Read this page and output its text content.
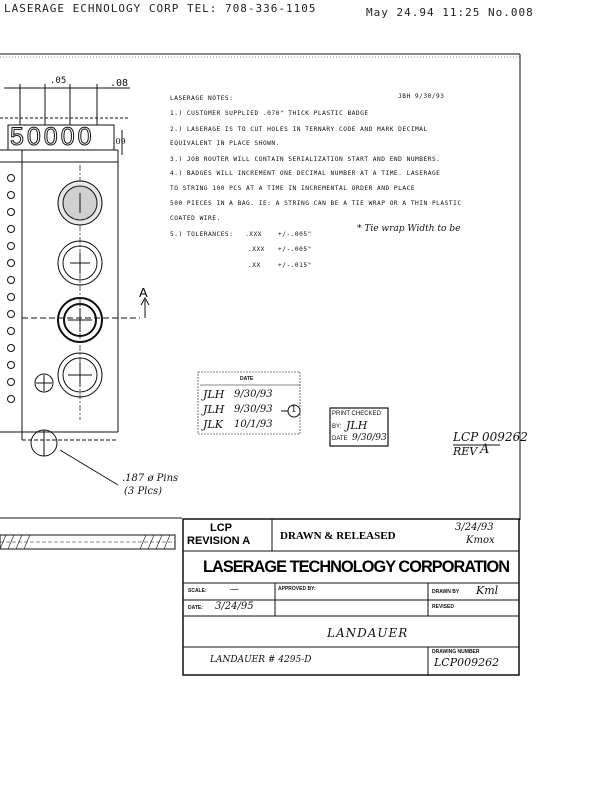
LASERAGE ECHNOLOGY CORP TEL: 708-336-1105	May 24.94 11:25 No.008
.05	.08
.09
50000
A
.187 ø Pins
(3 Plcs)
LASERAGE NOTES:	JBH 9/30/93
1.) CUSTOMER SUPPLIED .070" THICK PLASTIC BADGE
2.) LASERAGE IS TO CUT HOLES IN TERNARY CODE AND MARK DECIMAL
EQUIVALENT IN PLACE SHOWN.
3.) JOB ROUTER WILL CONTAIN SERIALIZATION START AND END NUMBERS.
4.) BADGES WILL INCREMENT ONE DECIMAL NUMBER AT A TIME. LASERAGE
TO STRING 100 PCS AT A TIME IN INCREMENTAL ORDER AND PLACE
500 PIECES IN A BAG. IE: A STRING CAN BE A TIE WRAP OR A THIN PLASTIC
COATED WIRE.
5.) TOLERANCES: .XXX	+/-.005"
.XXX +/-.005"
.XX	+/-.015"
* Tie wrap Width to be
DATE
JLH 9/30/93
JLH 9/30/93
JLK 10/1/93
1	PRINT CHECKED
BY: JLH
DATE 9/30/93	LCP 009262
REV A
LCP
REVISION A	DRAWN & RELEASED
3/24/93
Kmox
LASERAGE TECHNOLOGY CORPORATION
SCALE:	—	APPROVED BY:	DRAWN BY Kml
DATE: 3/24/95	REVISED
LANDAUER
LANDAUER # 4295-D
DRAWING NUMBER
LCP009262
